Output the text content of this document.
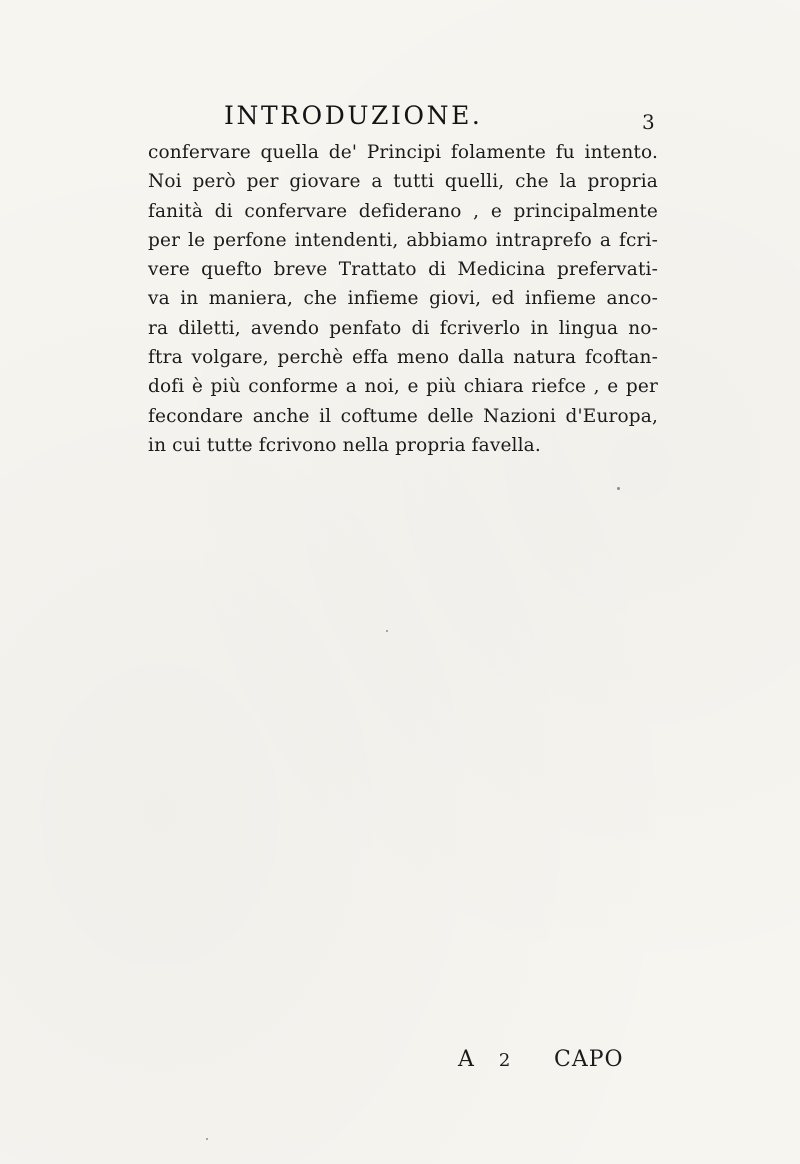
INTRODUZIONE.	3
confervare quella de' Principi folamente fu intento.
Noi però per giovare a tutti quelli, che la propria
fanità di confervare defiderano , e principalmente
per le perfone intendenti, abbiamo intraprefo a fcri-
vere quefto breve Trattato di Medicina prefervati-
va in maniera, che infieme giovi, ed infieme anco-
ra diletti, avendo penfato di fcriverlo in lingua no-
ftra volgare, perchè effa meno dalla natura fcoftan-
dofi è più conforme a noi, e più chiara riefce , e per
fecondare anche il coftume delle Nazioni d'Europa,
in cui tutte fcrivono nella propria favella.
A 2 CAPO
